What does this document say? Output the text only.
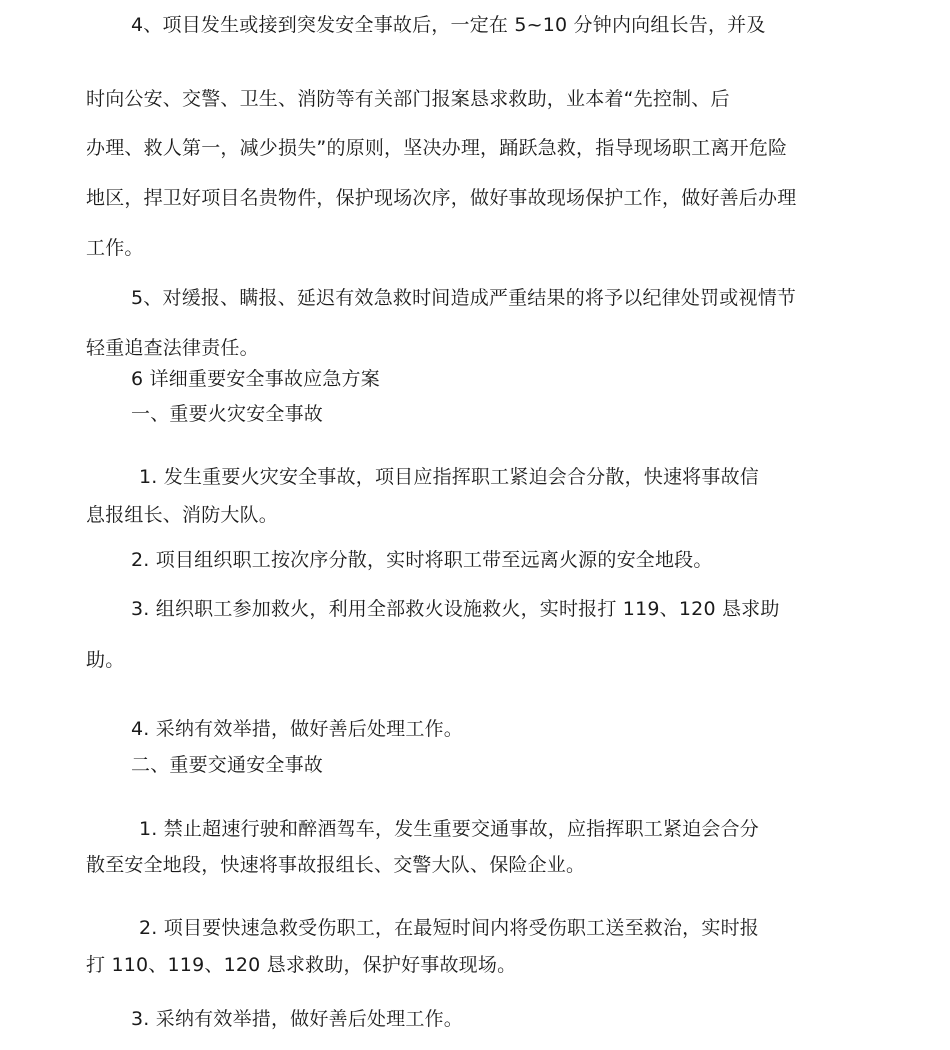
4、项目发生或接到突发安全事故后，一定在 5~10 分钟内向组长告，并及
时向公安、交警、卫生、消防等有关部门报案恳求救助，业本着“先控制、后
办理、救人第一，减少损失”的原则，坚决办理，踊跃急救，指导现场职工离开危险
地区，捍卫好项目名贵物件，保护现场次序，做好事故现场保护工作，做好善后办理
工作。
5、对缓报、瞒报、延迟有效急救时间造成严重结果的将予以纪律处罚或视情节
轻重追查法律责任。
6 详细重要安全事故应急方案
一、重要火灾安全事故
1. 发生重要火灾安全事故，项目应指挥职工紧迫会合分散，快速将事故信
息报组长、消防大队。
2. 项目组织职工按次序分散，实时将职工带至远离火源的安全地段。
3. 组织职工参加救火，利用全部救火设施救火，实时报打 119、120 恳求助
助。
4. 采纳有效举措，做好善后处理工作。
二、重要交通安全事故
1. 禁止超速行驶和醉酒驾车，发生重要交通事故，应指挥职工紧迫会合分
散至安全地段，快速将事故报组长、交警大队、保险企业。
2. 项目要快速急救受伤职工，在最短时间内将受伤职工送至救治，实时报
打 110、119、120 恳求救助，保护好事故现场。
3. 采纳有效举措，做好善后处理工作。
